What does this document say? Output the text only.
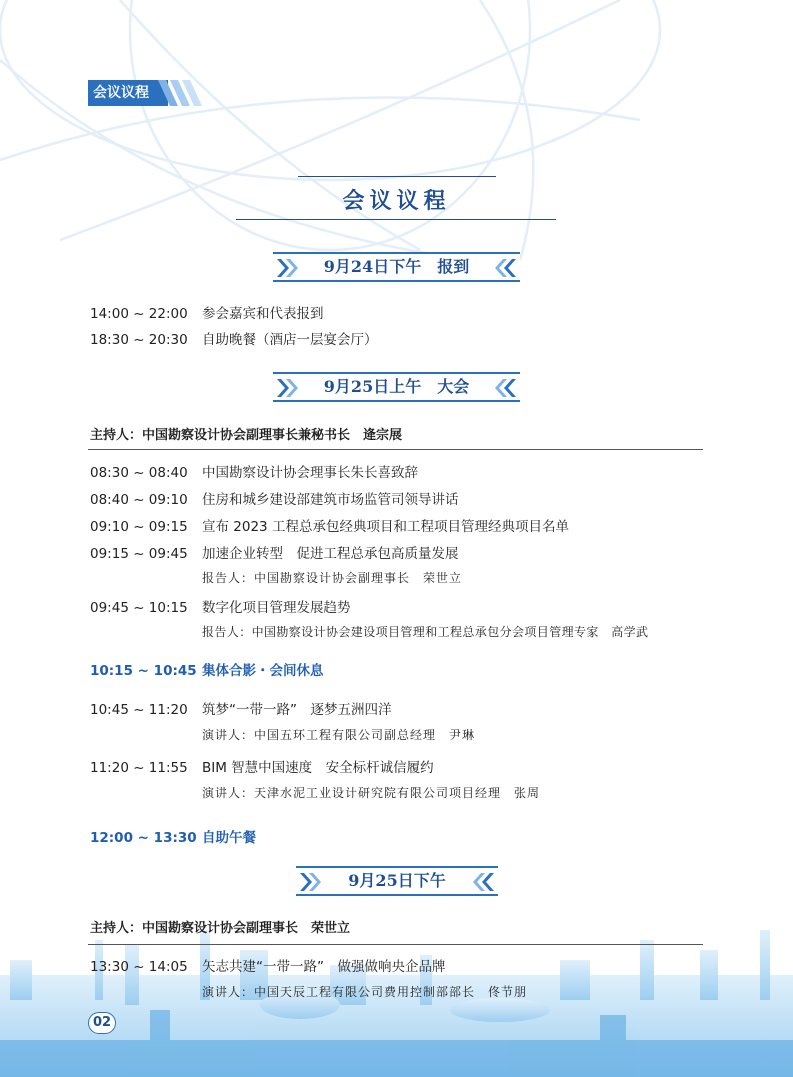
会议议程
会议议程
9月24日下午　报到
14:00 ~ 22:00 参会嘉宾和代表报到
18:30 ~ 20:30 自助晚餐（酒店一层宴会厅）
9月25日上午　大会
主持人：中国勘察设计协会副理事长兼秘书长　逄宗展
08:30 ~ 08:40 中国勘察设计协会理事长朱长喜致辞
08:40 ~ 09:10 住房和城乡建设部建筑市场监管司领导讲话
09:10 ~ 09:15 宣布 2023 工程总承包经典项目和工程项目管理经典项目名单
09:15 ~ 09:45 加速企业转型　促进工程总承包高质量发展
报告人：中国勘察设计协会副理事长　荣世立
09:45 ~ 10:15 数字化项目管理发展趋势
报告人：中国勘察设计协会建设项目管理和工程总承包分会项目管理专家　高学武
10:15 ~ 10:45 集体合影・会间休息
10:45 ~ 11:20 筑梦“一带一路”　逐梦五洲四洋
演讲人：中国五环工程有限公司副总经理　尹琳
11:20 ~ 11:55 BIM 智慧中国速度　安全标杆诚信履约
演讲人：天津水泥工业设计研究院有限公司项目经理　张周
12:00 ~ 13:30 自助午餐
9月25日下午
主持人：中国勘察设计协会副理事长　荣世立
13:30 ~ 14:05 矢志共建“一带一路”　做强做响央企品牌
演讲人：中国天辰工程有限公司费用控制部部长　佟节朋
02
